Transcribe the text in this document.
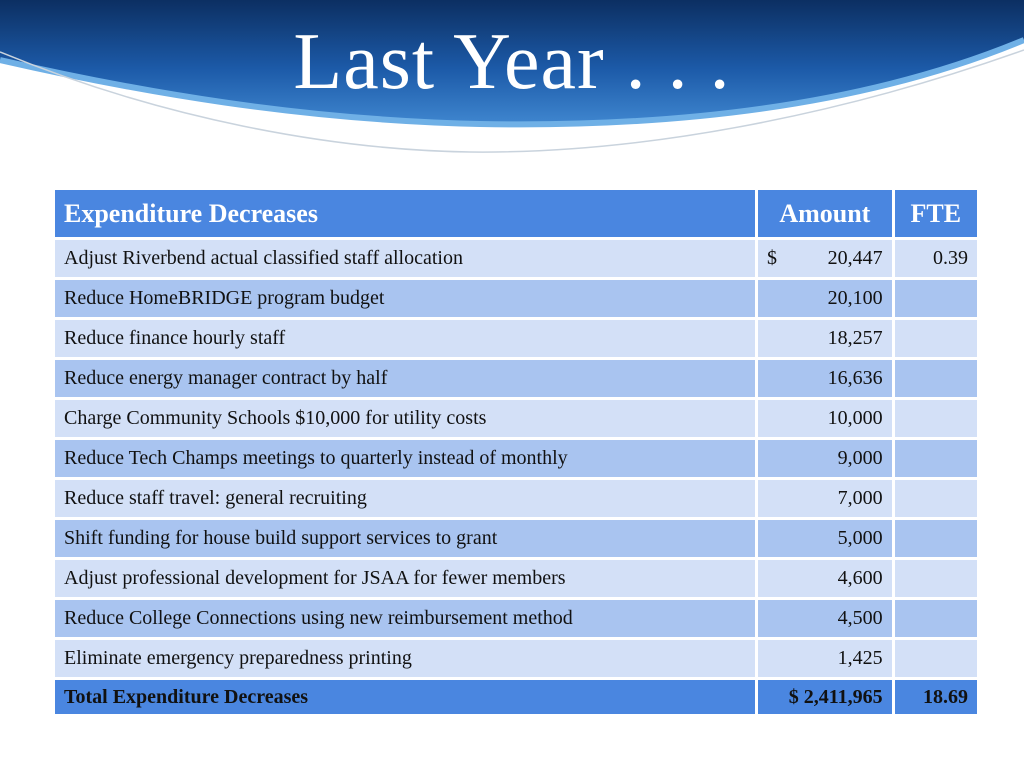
Last Year . . .
Expenditure Decreases	Amount	FTE
Adjust Riverbend actual classified staff allocation	$ 20,447	0.39
Reduce HomeBRIDGE program budget	20,100	
Reduce finance hourly staff	18,257	
Reduce energy manager contract by half	16,636	
Charge Community Schools $10,000 for utility costs	10,000	
Reduce Tech Champs meetings to quarterly instead of monthly	9,000	
Reduce staff travel: general recruiting	7,000	
Shift funding for house build support services to grant	5,000	
Adjust professional development for JSAA for fewer members	4,600	
Reduce College Connections using new reimbursement method	4,500	
Eliminate emergency preparedness printing	1,425	
Total Expenditure Decreases	$ 2,411,965	18.69
